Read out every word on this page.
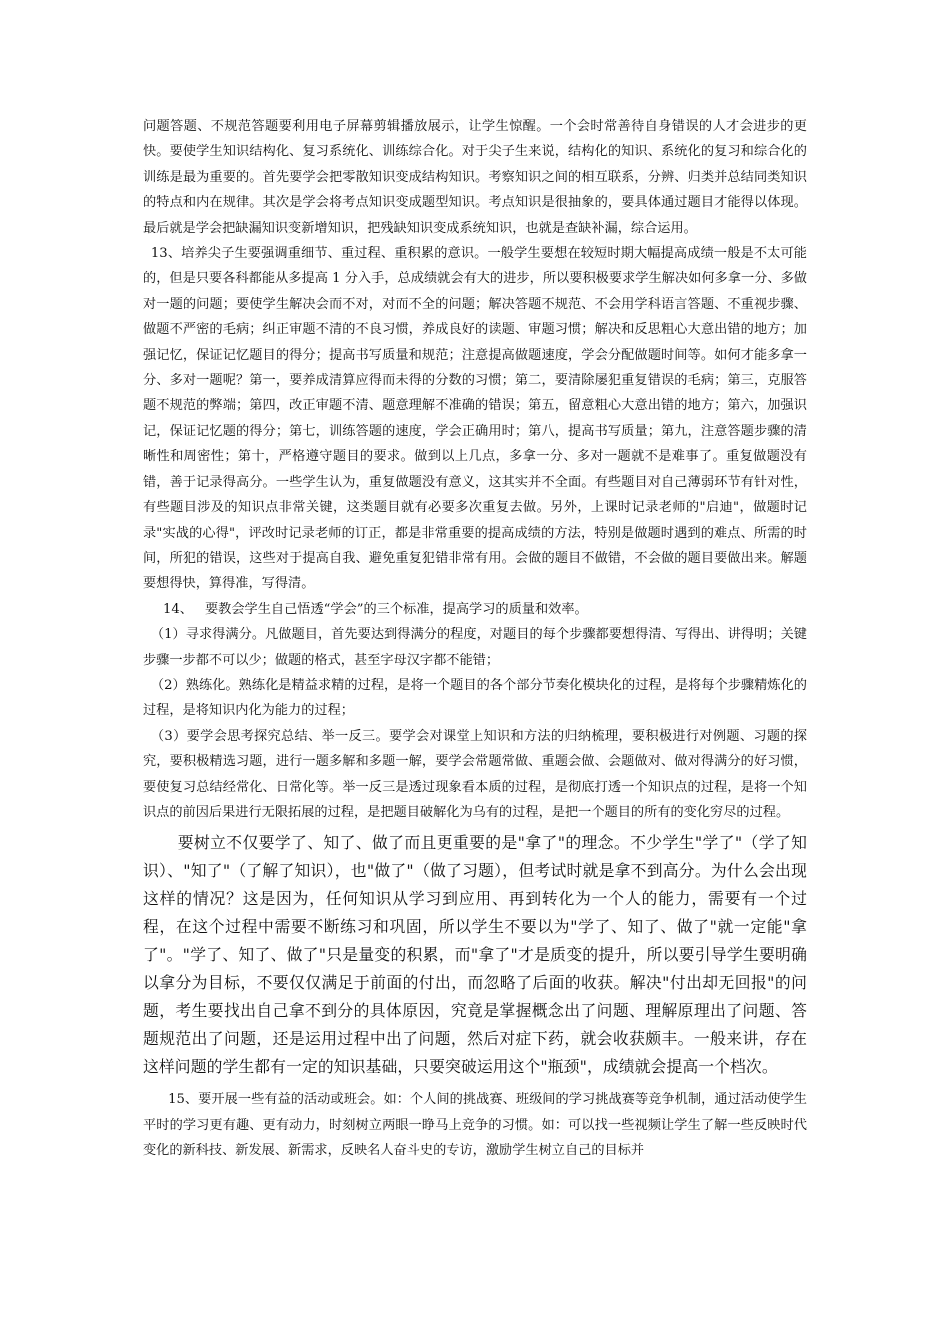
问题答题、不规范答题要利用电子屏幕剪辑播放展示，让学生惊醒。一个会时常善待自身错误的人才会进步的更快。要使学生知识结构化、复习系统化、训练综合化。对于尖子生来说，结构化的知识、系统化的复习和综合化的训练是最为重要的。首先要学会把零散知识变成结构知识。考察知识之间的相互联系，分辨、归类并总结同类知识的特点和内在规律。其次是学会将考点知识变成题型知识。考点知识是很抽象的，要具体通过题目才能得以体现。最后就是学会把缺漏知识变新增知识，把残缺知识变成系统知识，也就是查缺补漏，综合运用。

13、培养尖子生要强调重细节、重过程、重积累的意识。一般学生要想在较短时期大幅提高成绩一般是不太可能的，但是只要各科都能从多提高 1 分入手，总成绩就会有大的进步，所以要积极要求学生解决如何多拿一分、多做对一题的问题；要使学生解决会而不对，对而不全的问题；解决答题不规范、不会用学科语言答题、不重视步骤、做题不严密的毛病；纠正审题不清的不良习惯，养成良好的读题、审题习惯；解决和反思粗心大意出错的地方；加强记忆，保证记忆题目的得分；提高书写质量和规范；注意提高做题速度，学会分配做题时间等。如何才能多拿一分、多对一题呢？第一，要养成清算应得而未得的分数的习惯；第二，要清除屡犯重复错误的毛病；第三，克服答题不规范的弊端；第四，改正审题不清、题意理解不准确的错误；第五，留意粗心大意出错的地方；第六，加强识记，保证记忆题的得分；第七，训练答题的速度，学会正确用时；第八，提高书写质量；第九，注意答题步骤的清晰性和周密性；第十，严格遵守题目的要求。做到以上几点，多拿一分、多对一题就不是难事了。重复做题没有错，善于记录得高分。一些学生认为，重复做题没有意义，这其实并不全面。有些题目对自己薄弱环节有针对性，有些题目涉及的知识点非常关键，这类题目就有必要多次重复去做。另外，上课时记录老师的"启迪"，做题时记录"实战的心得"，评改时记录老师的订正，都是非常重要的提高成绩的方法，特别是做题时遇到的难点、所需的时间，所犯的错误，这些对于提高自我、避免重复犯错非常有用。会做的题目不做错，不会做的题目要做出来。解题要想得快，算得准，写得清。

14、 要教会学生自己悟透“学会”的三个标准，提高学习的质量和效率。

（1）寻求得满分。凡做题目，首先要达到得满分的程度，对题目的每个步骤都要想得清、写得出、讲得明；关键步骤一步都不可以少；做题的格式，甚至字母汉字都不能错；

（2）熟练化。熟练化是精益求精的过程，是将一个题目的各个部分节奏化模块化的过程，是将每个步骤精炼化的过程，是将知识内化为能力的过程；

（3）要学会思考探究总结、举一反三。要学会对课堂上知识和方法的归纳梳理，要积极进行对例题、习题的探究，要积极精选习题，进行一题多解和多题一解，要学会常题常做、重题会做、会题做对、做对得满分的好习惯，要使复习总结经常化、日常化等。举一反三是透过现象看本质的过程，是彻底打透一个知识点的过程，是将一个知识点的前因后果进行无限拓展的过程，是把题目破解化为乌有的过程，是把一个题目的所有的变化穷尽的过程。

要树立不仅要学了、知了、做了而且更重要的是"拿了"的理念。不少学生"学了"（学了知识）、"知了"（了解了知识），也"做了"（做了习题），但考试时就是拿不到高分。为什么会出现这样的情况？这是因为，任何知识从学习到应用、再到转化为一个人的能力，需要有一个过程，在这个过程中需要不断练习和巩固，所以学生不要以为"学了、知了、做了"就一定能"拿了"。"学了、知了、做了"只是量变的积累，而"拿了"才是质变的提升，所以要引导学生要明确以拿分为目标，不要仅仅满足于前面的付出，而忽略了后面的收获。解决"付出却无回报"的问题，考生要找出自己拿不到分的具体原因，究竟是掌握概念出了问题、理解原理出了问题、答题规范出了问题，还是运用过程中出了问题，然后对症下药，就会收获颇丰。一般来讲，存在这样问题的学生都有一定的知识基础，只要突破运用这个"瓶颈"，成绩就会提高一个档次。

15、要开展一些有益的活动或班会。如：个人间的挑战赛、班级间的学习挑战赛等竞争机制，通过活动使学生平时的学习更有趣、更有动力，时刻树立两眼一睁马上竞争的习惯。如：可以找一些视频让学生了解一些反映时代变化的新科技、新发展、新需求，反映名人奋斗史的专访，激励学生树立自己的目标并
